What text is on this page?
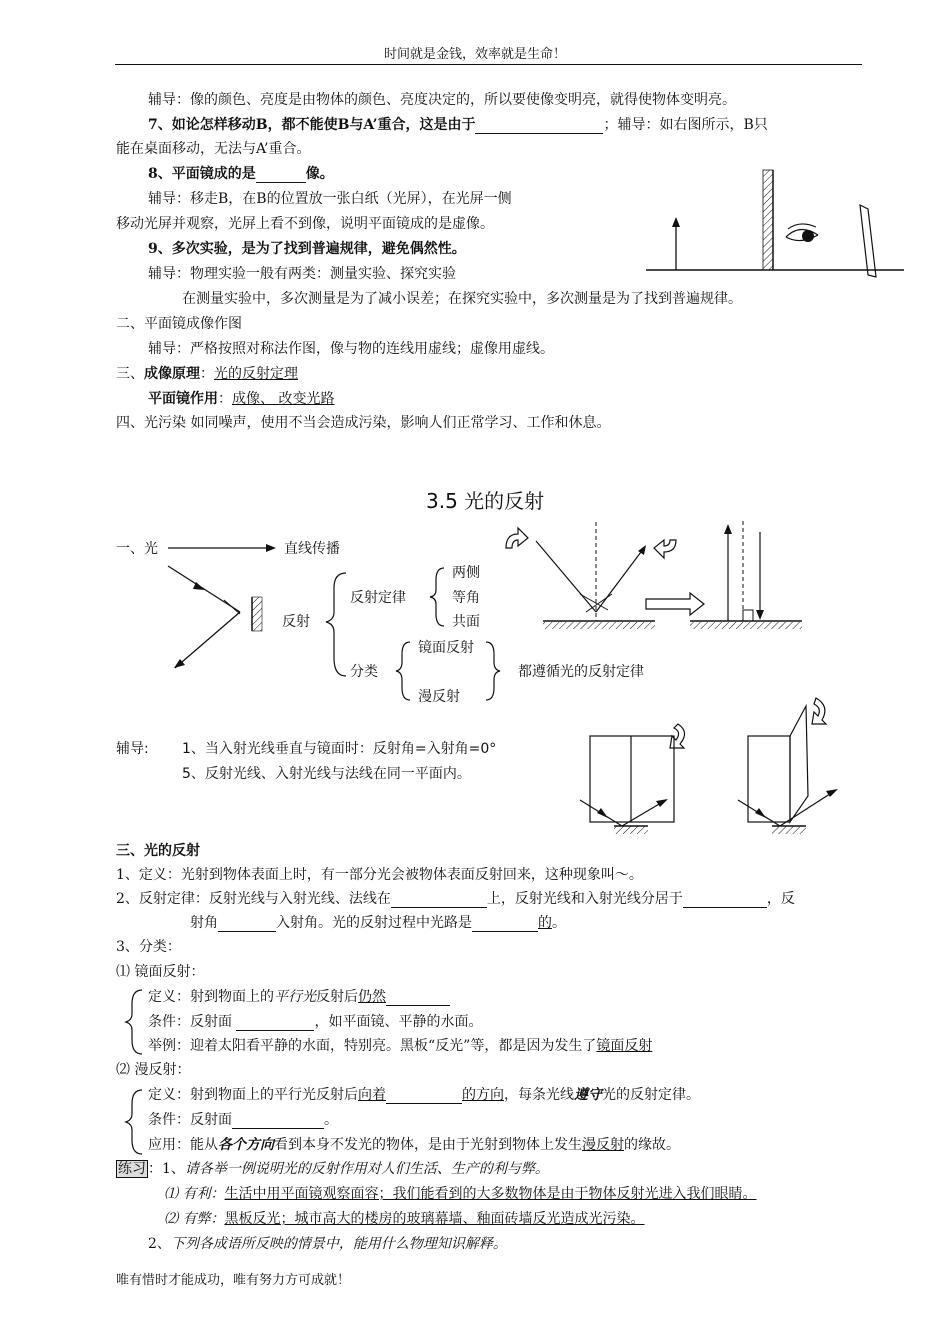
时间就是金钱，效率就是生命！
辅导：像的颜色、亮度是由物体的颜色、亮度决定的，所以要使像变明亮，就得使物体变明亮。
7、如论怎样移动B，都不能使B与A’重合，这是由于	；辅导：如右图所示，B只
能在桌面移动，无法与A’重合。
8、平面镜成的是	像。
辅导：移走B，在B的位置放一张白纸（光屏），在光屏一侧
移动光屏并观察，光屏上看不到像，说明平面镜成的是虚像。
9、多次实验，是为了找到普遍规律，避免偶然性。
辅导：物理实验一般有两类：测量实验、探究实验
在测量实验中，多次测量是为了减小误差；在探究实验中，多次测量是为了找到普遍规律。
二、平面镜成像作图
辅导：严格按照对称法作图，像与物的连线用虚线；虚像用虚线。
三、成像原理：光的反射定理
平面镜作用：成像、 改变光路
四、光污染 如同噪声，使用不当会造成污染，影响人们正常学习、工作和休息。
3.5 光的反射
一、光	直线传播
反射
反射定律
两侧
等角
共面
分类
镜面反射
漫反射
都遵循光的反射定律
辅导: 1、当入射光线垂直与镜面时：反射角=入射角=0°
5、反射光线、入射光线与法线在同一平面内。
三、光的反射
1、定义：光射到物体表面上时，有一部分光会被物体表面反射回来，这种现象叫～。
2、反射定律：反射光线与入射光线、法线在	上，反射光线和入射光线分居于	，反
射角	入射角。光的反射过程中光路是	的。
3、分类：
⑴ 镜面反射：
定义：射到物面上的平行光反射后仍然
条件：反射面	，如平面镜、平静的水面。
举例：迎着太阳看平静的水面，特别亮。黑板“反光”等，都是因为发生了镜面反射
⑵ 漫反射：
定义：射到物面上的平行光反射后向着	的方向，每条光线遵守光的反射定律。
条件：反射面	。
应用：能从各个方向看到本身不发光的物体，是由于光射到物体上发生漫反射的缘故。
练习 ：1、请各举一例说明光的反射作用对人们生活、生产的利与弊。
⑴ 有利：生活中用平面镜观察面容；我们能看到的大多数物体是由于物体反射光进入我们眼睛。
⑵ 有弊：黑板反光；城市高大的楼房的玻璃幕墙、釉面砖墙反光造成光污染。
2、下列各成语所反映的情景中，能用什么物理知识解释。
唯有惜时才能成功，唯有努力方可成就！
